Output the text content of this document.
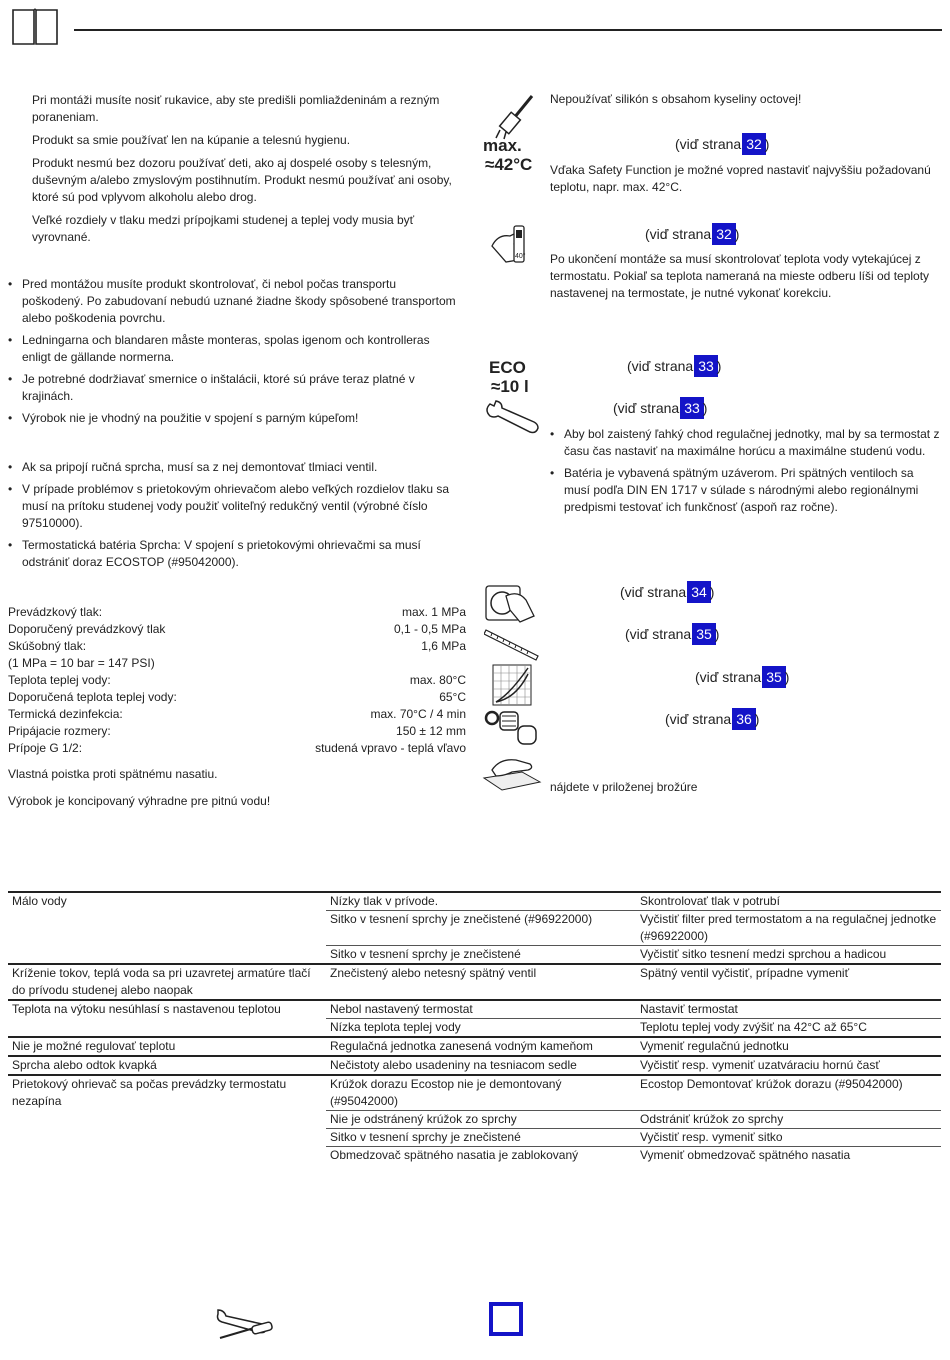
Pri montáži musíte nosiť rukavice, aby ste predišli pomliaždeninám a rezným poraneniam.

Produkt sa smie používať len na kúpanie a telesnú hygienu.

Produkt nesmú bez dozoru používať deti, ako aj dospelé osoby s telesným, duševným a/alebo zmyslovým postihnutím. Produkt nesmú používať ani osoby, ktoré sú pod vplyvom alkoholu alebo drog.

Veľké rozdiely v tlaku medzi prípojkami studenej a teplej vody musia byť vyrovnané.

• Pred montážou musíte produkt skontrolovať, či nebol počas transportu poškodený. Po zabudovaní nebudú uznané žiadne škody spôsobené transportom alebo poškodenia povrchu.
• Ledningarna och blandaren måste monteras, spolas igenom och kontrolleras enligt de gällande normerna.
• Je potrebné dodržiavať smernice o inštalácii, ktoré sú práve teraz platné v krajinách.
• Výrobok nie je vhodný na použitie v spojení s parným kúpeľom!
• Ak sa pripojí ručná sprcha, musí sa z nej demontovať tlmiaci ventil.
• V prípade problémov s prietokovým ohrievačom alebo veľkých rozdielov tlaku sa musí na prítoku studenej vody použiť voliteľný redukčný ventil (výrobné číslo 97510000).
• Termostatická batéria Sprcha: V spojení s prietokovými ohrievačmi sa musí odstrániť doraz ECOSTOP (#95042000).
Prevádzkový tlak:	max. 1 MPa
Doporučený prevádzkový tlak	0,1 - 0,5 MPa
Skúšobný tlak:	1,6 MPa
(1 MPa = 10 bar = 147 PSI)
Teplota teplej vody:	max. 80°C
Doporučená teplota teplej vody:	65°C
Termická dezinfekcia:	max. 70°C / 4 min
Pripájacie rozmery:	150 ± 12 mm
Prípoje G 1/2:	studená vpravo - teplá vľavo

Vlastná poistka proti spätnému nasatiu.

Výrobok je koncipovaný výhradne pre pitnú vodu!

Nepoužívať silikón s obsahom kyseliny octovej!

max.
≈42°C
(viď strana 32 )

Vďaka Safety Function je možné vopred nastaviť najvyššiu požadovanú teplotu, napr. max. 42°C.

40°
(viď strana 32 )

Po ukončení montáže sa musí skontrolovať teplota vody vytekajúcej z termostatu. Pokiaľ sa teplota nameraná na mieste odberu líši od teploty nastavenej na termostate, je nutné vykonať korekciu.

ECO
≈10 l
(viď strana 33 )
(viď strana 33 )
• Aby bol zaistený ľahký chod regulačnej jednotky, mal by sa termostat z času čas nastaviť na maximálne horúcu a maximálne studenú vodu.
• Batéria je vybavená spätným uzáverom. Pri spätných ventiloch sa musí podľa DIN EN 1717 v súlade s národnými alebo regionálnymi predpismi testovať ich funkčnosť (aspoň raz ročne).
(viď strana 34 )
(viď strana 35 )
(viď strana 35 )
(viď strana 36 )

nájdete v priloženej brožúre

Málo vody	Nízky tlak v prívode.	Skontrolovať tlak v potrubí
	Sitko v tesnení sprchy je znečistené (#96922000)	Vyčistiť filter pred termostatom a na regulačnej jednotke (#96922000)
	Sitko v tesnení sprchy je znečistené	Vyčistiť sitko tesnení medzi sprchou a hadicou
Kríženie tokov, teplá voda sa pri uzavretej armatúre tlačí do prívodu studenej alebo naopak	Znečistený alebo netesný spätný ventil	Spätný ventil vyčistiť, prípadne vymeniť
Teplota na výtoku nesúhlasí s nastavenou teplotou	Nebol nastavený termostat	Nastaviť termostat
	Nízka teplota teplej vody	Teplotu teplej vody zvýšiť na 42°C až 65°C
Nie je možné regulovať teplotu	Regulačná jednotka zanesená vodným kameňom	Vymeniť regulačnú jednotku
Sprcha alebo odtok kvapká	Nečistoty alebo usadeniny na tesniacom sedle	Vyčistiť resp. vymeniť uzatváraciu hornú časť
Prietokový ohrievač sa počas prevádzky termostatu nezapína	Krúžok dorazu Ecostop nie je demontovaný (#95042000)	Ecostop Demontovať krúžok dorazu (#95042000)
	Nie je odstránený krúžok zo sprchy	Odstrániť krúžok zo sprchy
	Sitko v tesnení sprchy je znečistené	Vyčistiť resp. vymeniť sitko
	Obmedzovač spätného nasatia je zablokovaný	Vymeniť obmedzovač spätného nasatia
